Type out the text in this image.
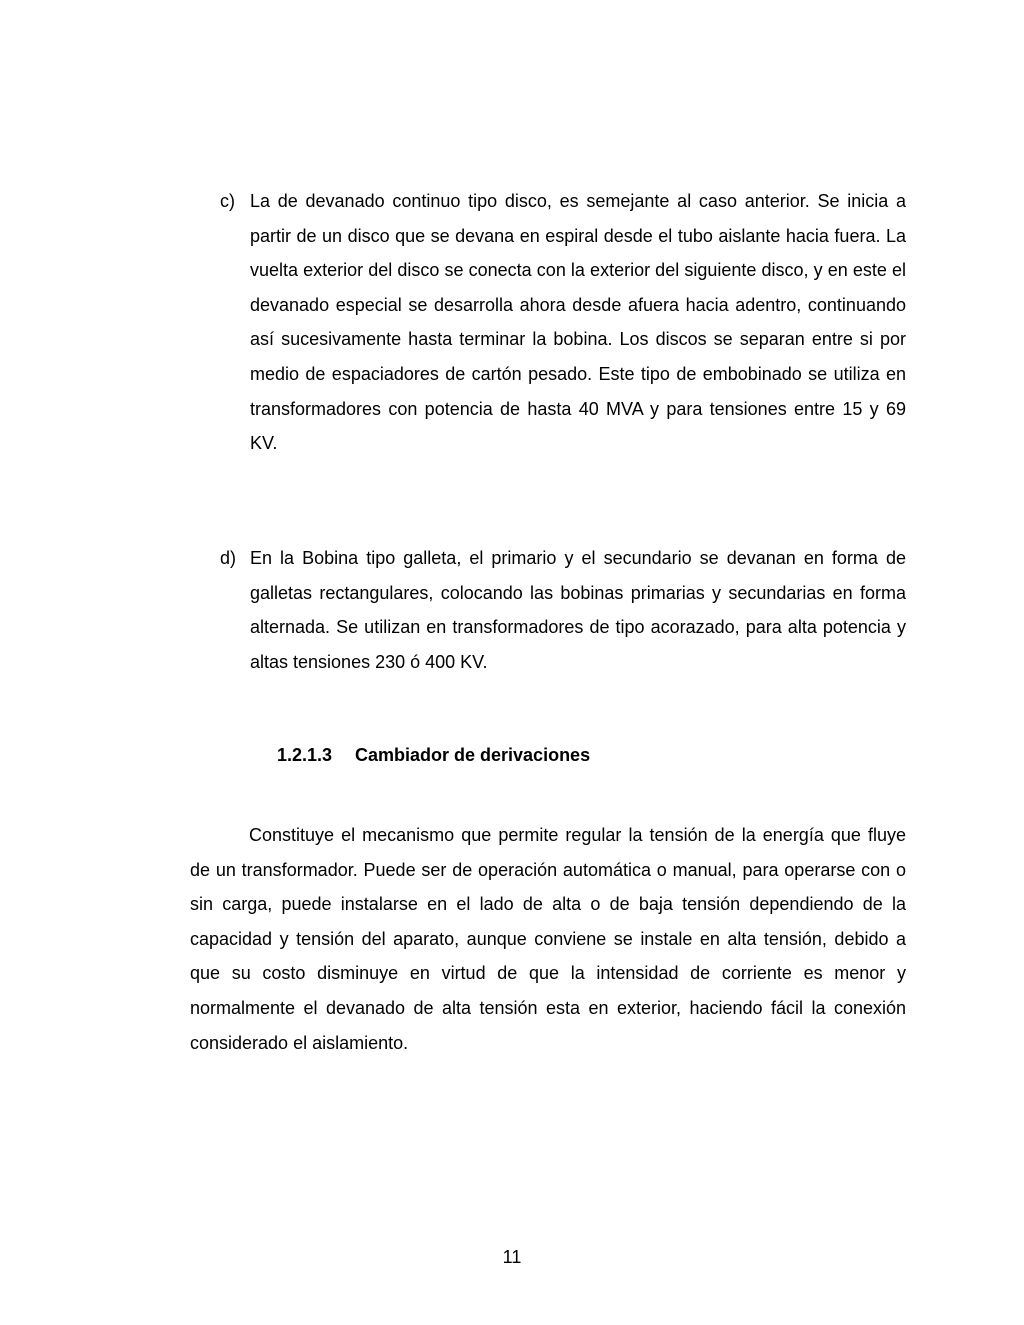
c) La de devanado continuo tipo disco, es semejante al caso anterior. Se inicia a partir de un disco que se devana en espiral desde el tubo aislante hacia fuera. La vuelta exterior del disco se conecta con la exterior del siguiente disco, y en este el devanado especial se desarrolla ahora desde afuera hacia adentro, continuando así sucesivamente hasta terminar la bobina. Los discos se separan entre si por medio de espaciadores de cartón pesado. Este tipo de embobinado se utiliza en transformadores con potencia de hasta 40 MVA y para tensiones entre 15 y 69 KV.
d) En la Bobina tipo galleta, el primario y el secundario se devanan en forma de galletas rectangulares, colocando las bobinas primarias y secundarias en forma alternada. Se utilizan en transformadores de tipo acorazado, para alta potencia y altas tensiones 230 ó 400 KV.
1.2.1.3 Cambiador de derivaciones
Constituye el mecanismo que permite regular la tensión de la energía que fluye de un transformador. Puede ser de operación automática o manual, para operarse con o sin carga, puede instalarse en el lado de alta o de baja tensión dependiendo de la capacidad y tensión del aparato, aunque conviene se instale en alta tensión, debido a que su costo disminuye en virtud de que la intensidad de corriente es menor y normalmente el devanado de alta tensión esta en exterior, haciendo fácil la conexión considerado el aislamiento.
11
